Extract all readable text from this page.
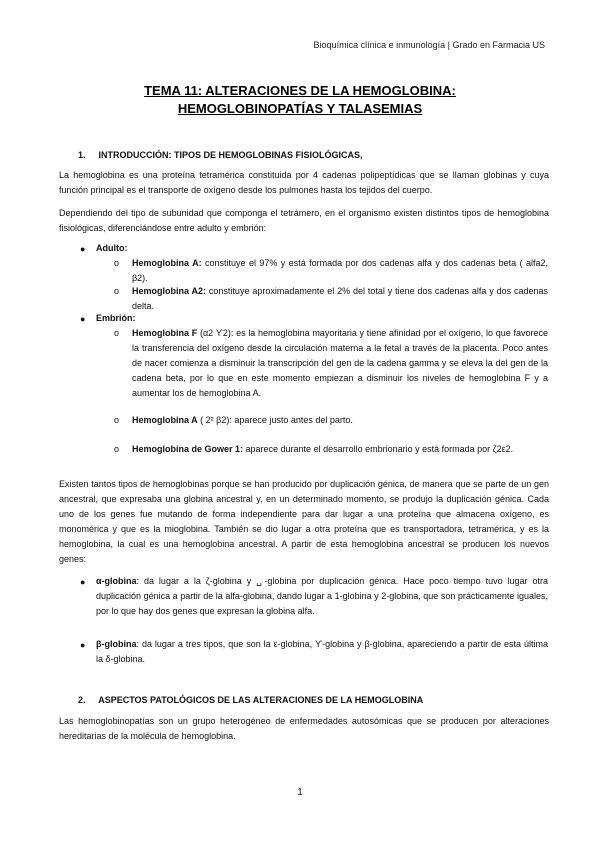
Bioquímica clínica e inmunología | Grado en Farmacia US
TEMA 11: ALTERACIONES DE LA HEMOGLOBINA:
HEMOGLOBINOPATÍAS Y TALASEMIAS
1. INTRODUCCIÓN: TIPOS DE HEMOGLOBINAS FISIOLÓGICAS,
La hemoglobina es una proteína tetramérica constituida por 4 cadenas polipeptídicas que se llaman globinas y cuya función principal es el transporte de oxígeno desde los pulmones hasta los tejidos del cuerpo.
Dependiendo del tipo de subunidad que componga el tetrámero, en el organismo existen distintos tipos de hemoglobina fisiológicas, diferenciándose entre adulto y embrión:
● Adulto:
o Hemoglobina A: constituye el 97% y está formada por dos cadenas alfa y dos cadenas beta ( alfa2, β2).
o Hemoglobina A2: constituye aproximadamente el 2% del total y tiene dos cadenas alfa y dos cadenas delta.
● Embrión:
o Hemoglobina F (α2 ϒ2): es la hemoglobina mayoritaria y tiene afinidad por el oxígeno, lo que favorece la transferencia del oxígeno desde la circulación materna a la fetal a través de la placenta. Poco antes de nacer comienza a disminuir la transcripción del gen de la cadena gamma y se eleva la del gen de la cadena beta, por lo que en este momento empiezan a disminuir los niveles de hemoglobina F y a aumentar los de hemoglobina A.
o Hemoglobina A ( 2² β2): aparece justo antes del parto.
o Hemoglobina de Gower 1: aparece durante el desarrollo embrionario y está formada por ζ2ε2.
Existen tantos tipos de hemoglobinas porque se han producido por duplicación génica, de manera que se parte de un gen ancestral, que expresaba una globina ancestral y, en un determinado momento, se produjo la duplicación génica. Cada uno de los genes fue mutando de forma independiente para dar lugar a una proteína que almacena oxígeno, es monomérica y que es la mioglobina. También se dio lugar a otra proteína que es transportadora, tetramérica, y es la hemoglobina, la cual es una hemoglobina ancestral. A partir de esta hemoglobina ancestral se producen los nuevos genes:
● α-globina: da lugar a la ζ-globina y ␣-globina por duplicación génica. Hace poco tiempo tuvo lugar otra duplicación génica a partir de la alfa-globina, dando lugar a 1-globina y 2-globina, que son prácticamente iguales, por lo que hay dos genes que expresan la globina alfa.
● β-globina: da lugar a tres tipos, que son la ε-globina, ϒ-globina y β-globina, apareciendo a partir de esta última la δ-globina.
2. ASPECTOS PATOLÓGICOS DE LAS ALTERACIONES DE LA HEMOGLOBINA
Las hemoglobinopatías son un grupo heterogéneo de enfermedades autosómicas que se producen por alteraciones hereditarias de la molécula de hemoglobina.
1
